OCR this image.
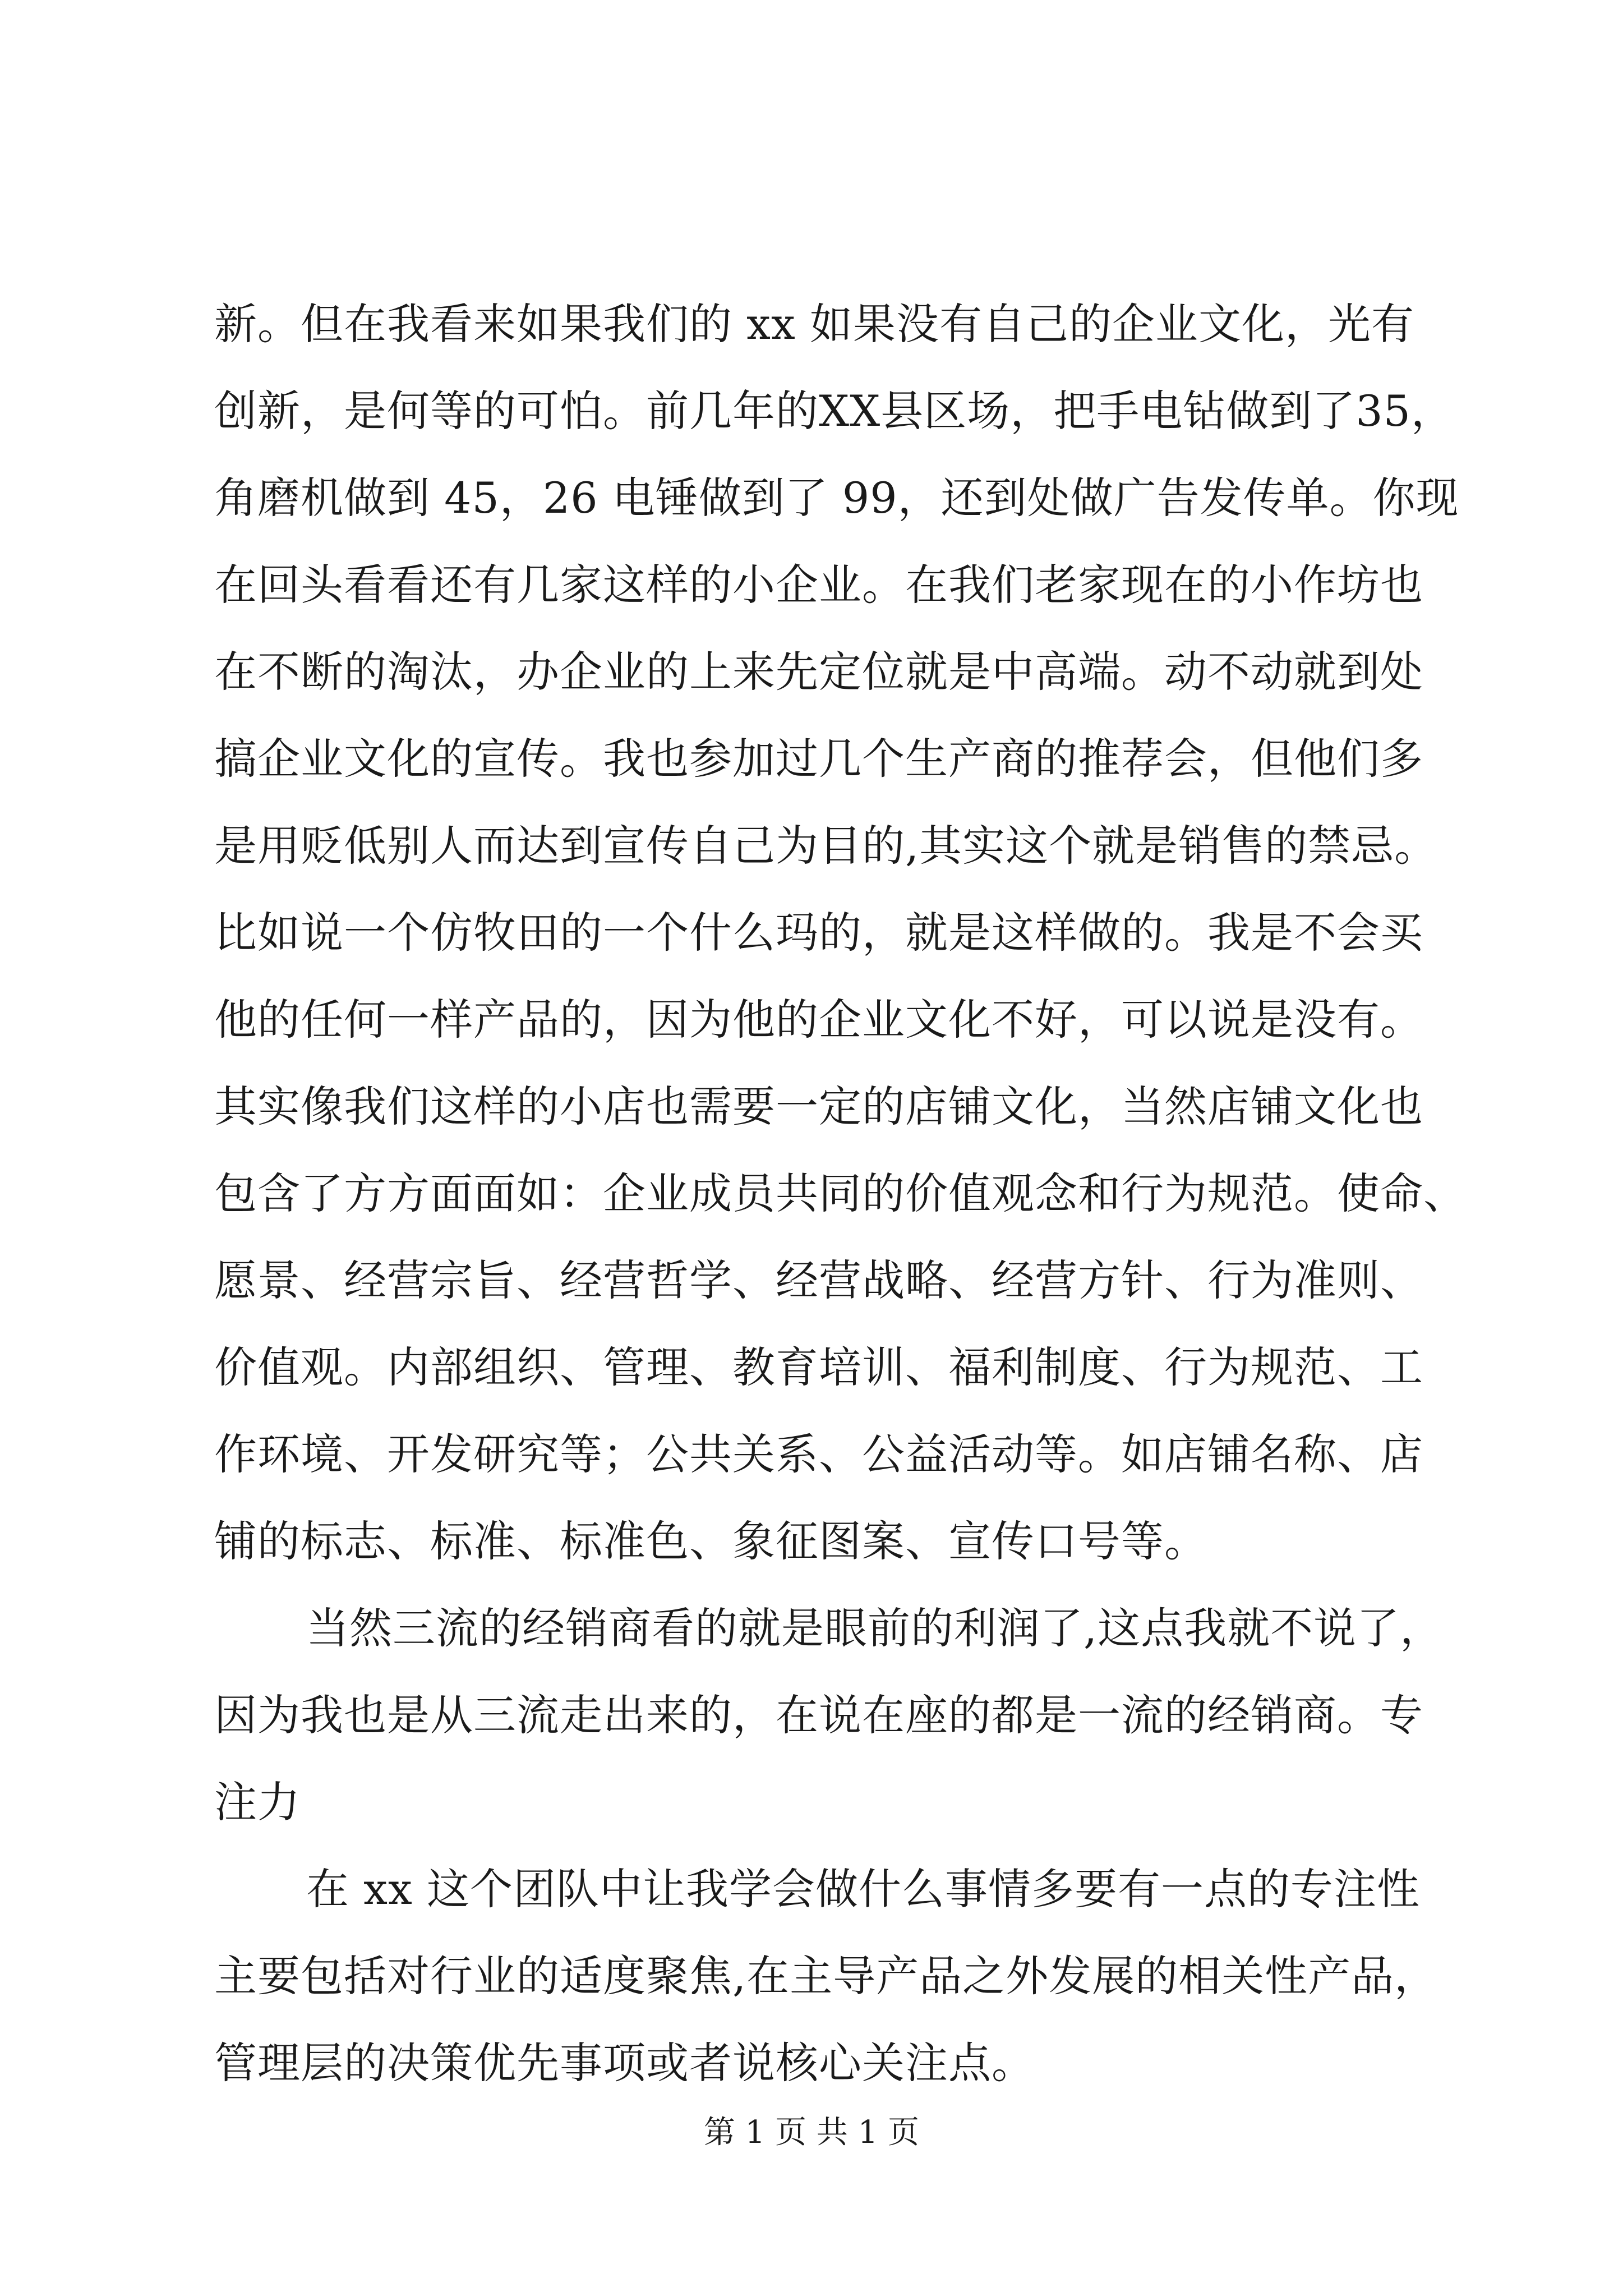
新。但在我看来如果我们的 xx 如果没有自己的企业文化，光有
创新，是何等的可怕。前几年的XX县区场，把手电钻做到了35，
角磨机做到 45，26 电锤做到了 99，还到处做广告发传单。你现
在回头看看还有几家这样的小企业。在我们老家现在的小作坊也
在不断的淘汰，办企业的上来先定位就是中高端。动不动就到处
搞企业文化的宣传。我也参加过几个生产商的推荐会，但他们多
是用贬低别人而达到宣传自己为目的,其实这个就是销售的禁忌。
比如说一个仿牧田的一个什么玛的，就是这样做的。我是不会买
他的任何一样产品的，因为他的企业文化不好，可以说是没有。
其实像我们这样的小店也需要一定的店铺文化，当然店铺文化也
包含了方方面面如：企业成员共同的价值观念和行为规范。使命、
愿景、经营宗旨、经营哲学、经营战略、经营方针、行为准则、
价值观。内部组织、管理、教育培训、福利制度、行为规范、工
作环境、开发研究等；公共关系、公益活动等。如店铺名称、店
铺的标志、标准、标准色、象征图案、宣传口号等。
当然三流的经销商看的就是眼前的利润了,这点我就不说了，
因为我也是从三流走出来的，在说在座的都是一流的经销商。专
注力
在 xx 这个团队中让我学会做什么事情多要有一点的专注性
主要包括对行业的适度聚焦,在主导产品之外发展的相关性产品，
管理层的决策优先事项或者说核心关注点。
第 1 页 共 1 页
